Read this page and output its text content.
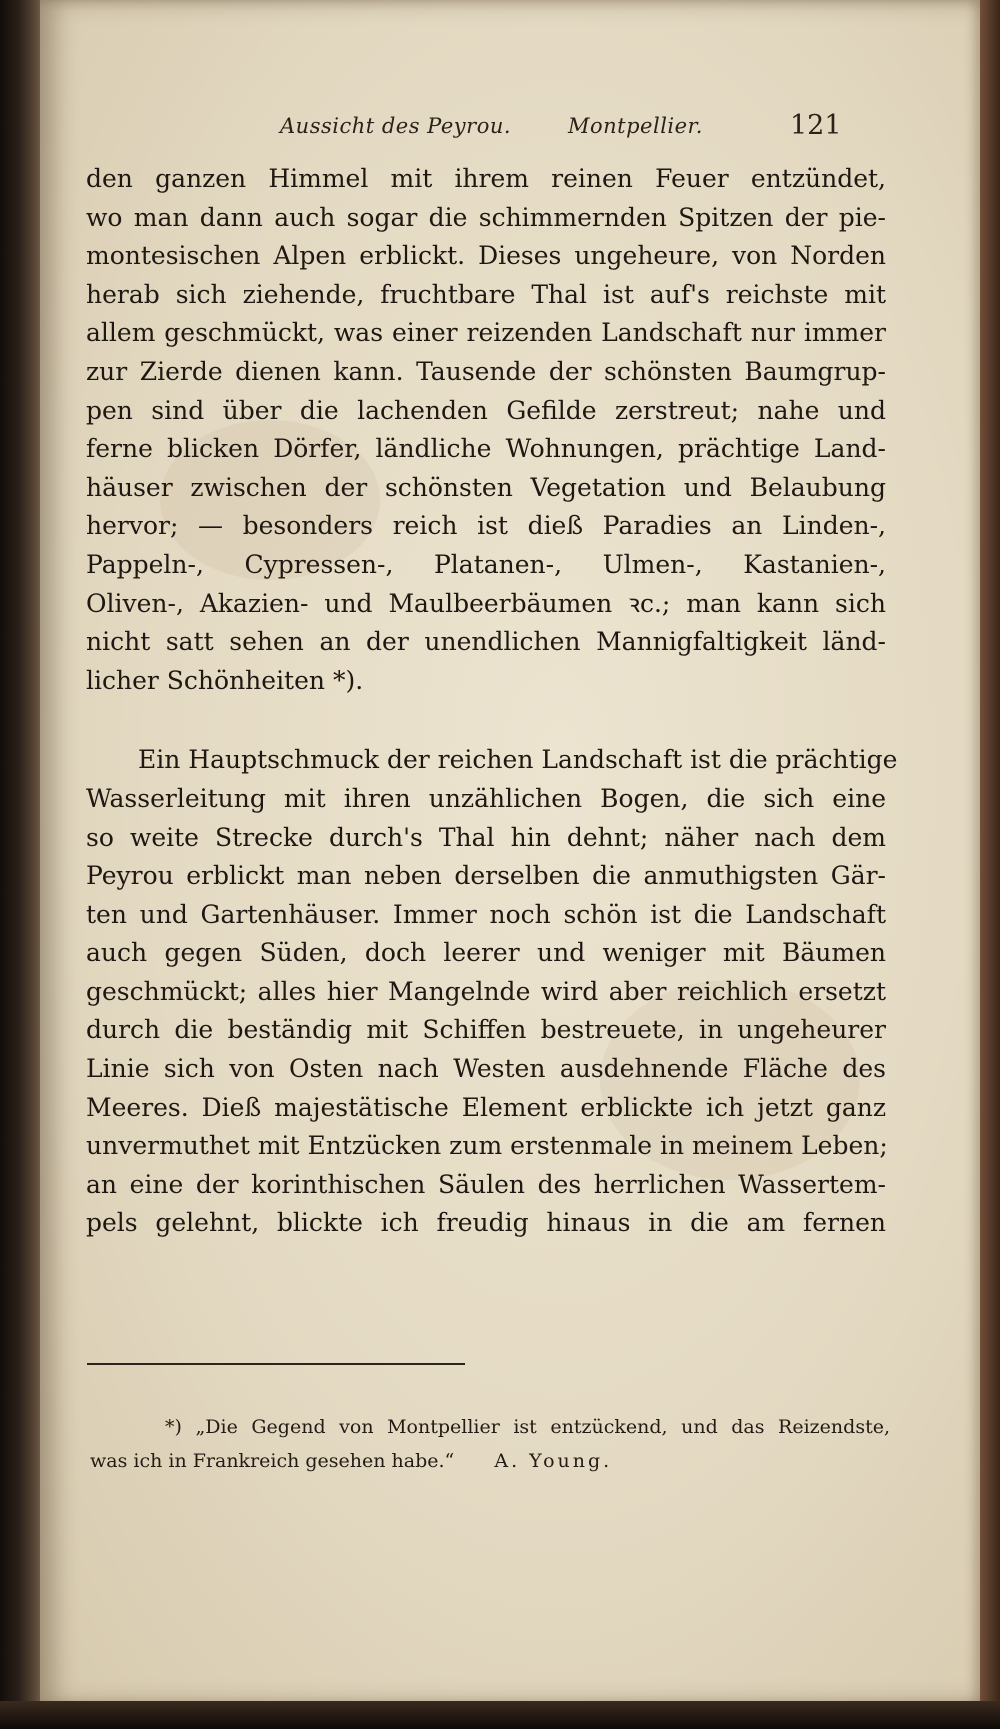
Aussicht des Peyrou.	Montpellier.	121
den ganzen Himmel mit ihrem reinen Feuer entzündet,
wo man dann auch sogar die schimmernden Spitzen der pie-
montesischen Alpen erblickt. Dieses ungeheure, von Norden
herab sich ziehende, fruchtbare Thal ist auf's reichste mit
allem geschmückt, was einer reizenden Landschaft nur immer
zur Zierde dienen kann. Tausende der schönsten Baumgrup-
pen sind über die lachenden Gefilde zerstreut; nahe und
ferne blicken Dörfer, ländliche Wohnungen, prächtige Land-
häuser zwischen der schönsten Vegetation und Belaubung
hervor; — besonders reich ist dieß Paradies an Linden-,
Pappeln-, Cypressen-, Platanen-, Ulmen-, Kastanien-,
Oliven-, Akazien- und Maulbeerbäumen ꝛc.; man kann sich
nicht satt sehen an der unendlichen Mannigfaltigkeit länd-
licher Schönheiten *).
Ein Hauptschmuck der reichen Landschaft ist die prächtige
Wasserleitung mit ihren unzählichen Bogen, die sich eine
so weite Strecke durch's Thal hin dehnt; näher nach dem
Peyrou erblickt man neben derselben die anmuthigsten Gär-
ten und Gartenhäuser. Immer noch schön ist die Landschaft
auch gegen Süden, doch leerer und weniger mit Bäumen
geschmückt; alles hier Mangelnde wird aber reichlich ersetzt
durch die beständig mit Schiffen bestreuete, in ungeheurer
Linie sich von Osten nach Westen ausdehnende Fläche des
Meeres. Dieß majestätische Element erblickte ich jetzt ganz
unvermuthet mit Entzücken zum erstenmale in meinem Leben;
an eine der korinthischen Säulen des herrlichen Wassertem-
pels gelehnt, blickte ich freudig hinaus in die am fernen
*) „Die Gegend von Montpellier ist entzückend, und das Reizendste,
was ich in Frankreich gesehen habe.“ A. Young.
